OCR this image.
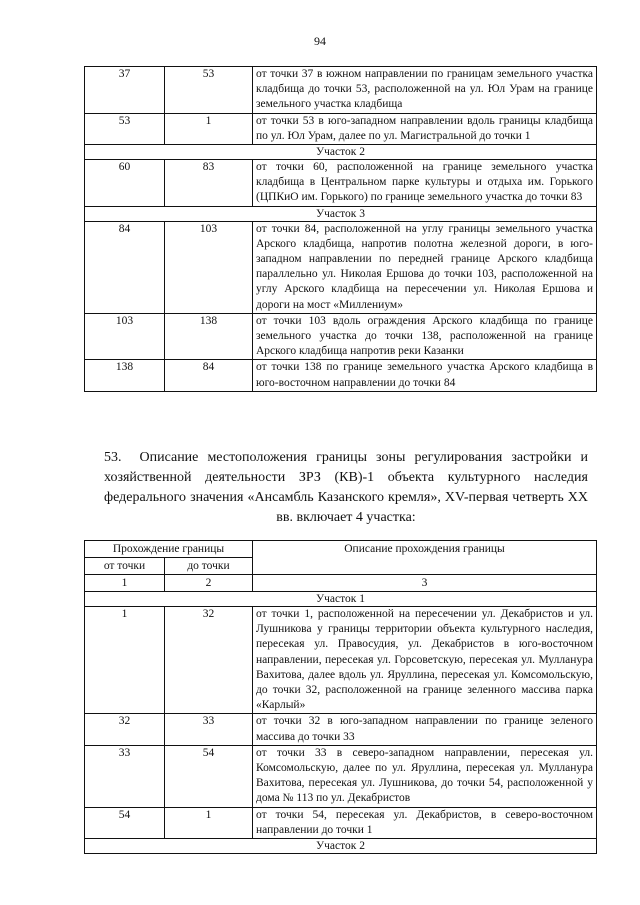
94
37	53	от точки 37 в южном направлении по границам земельного участка кладбища до точки 53, расположенной на ул. Юл Урам на границе земельного участка кладбища
53	1	от точки 53 в юго-западном направлении вдоль границы кладбища по ул. Юл Урам, далее по ул. Магистральной до точки 1
Участок 2		
60	83	от точки 60, расположенной на границе земельного участка кладбища в Центральном парке культуры и отдыха им. Горького (ЦПКиО им. Горького) по границе земельного участка до точки 83
Участок 3		
84	103	от точки 84, расположенной на углу границы земельного участка Арского кладбища, напротив полотна железной дороги, в юго-западном направлении по передней границе Арского кладбища параллельно ул. Николая Ершова до точки 103, расположенной на углу Арского кладбища на пересечении ул. Николая Ершова и дороги на мост «Миллениум»
103	138	от точки 103 вдоль ограждения Арского кладбища по границе земельного участка до точки 138, расположенной на границе Арского кладбища напротив реки Казанки
138	84	от точки 138 по границе земельного участка Арского кладбища в юго-восточном направлении до точки 84
53. Описание местоположения границы зоны регулирования застройки и хозяйственной деятельности ЗРЗ (КВ)-1 объекта культурного наследия федерального значения «Ансамбль Казанского кремля», XV-первая четверть XX вв. включает 4 участка:
Прохождение границы		Описание прохождения границы
от точки	до точки	
1	2	3
Участок 1		
1	32	от точки 1, расположенной на пересечении ул. Декабристов и ул. Лушникова у границы территории объекта культурного наследия, пересекая ул. Правосудия, ул. Декабристов в юго-восточном направлении, пересекая ул. Горсоветскую, пересекая ул. Мулланура Вахитова, далее вдоль ул. Яруллина, пересекая ул. Комсомольскую, до точки 32, расположенной на границе зеленного массива парка «Карлый»
32	33	от точки 32 в юго-западном направлении по границе зеленого массива до точки 33
33	54	от точки 33 в северо-западном направлении, пересекая ул. Комсомольскую, далее по ул. Яруллина, пересекая ул. Мулланура Вахитова, пересекая ул. Лушникова, до точки 54, расположенной у дома № 113 по ул. Декабристов
54	1	от точки 54, пересекая ул. Декабристов, в северо-восточном направлении до точки 1
Участок 2		
